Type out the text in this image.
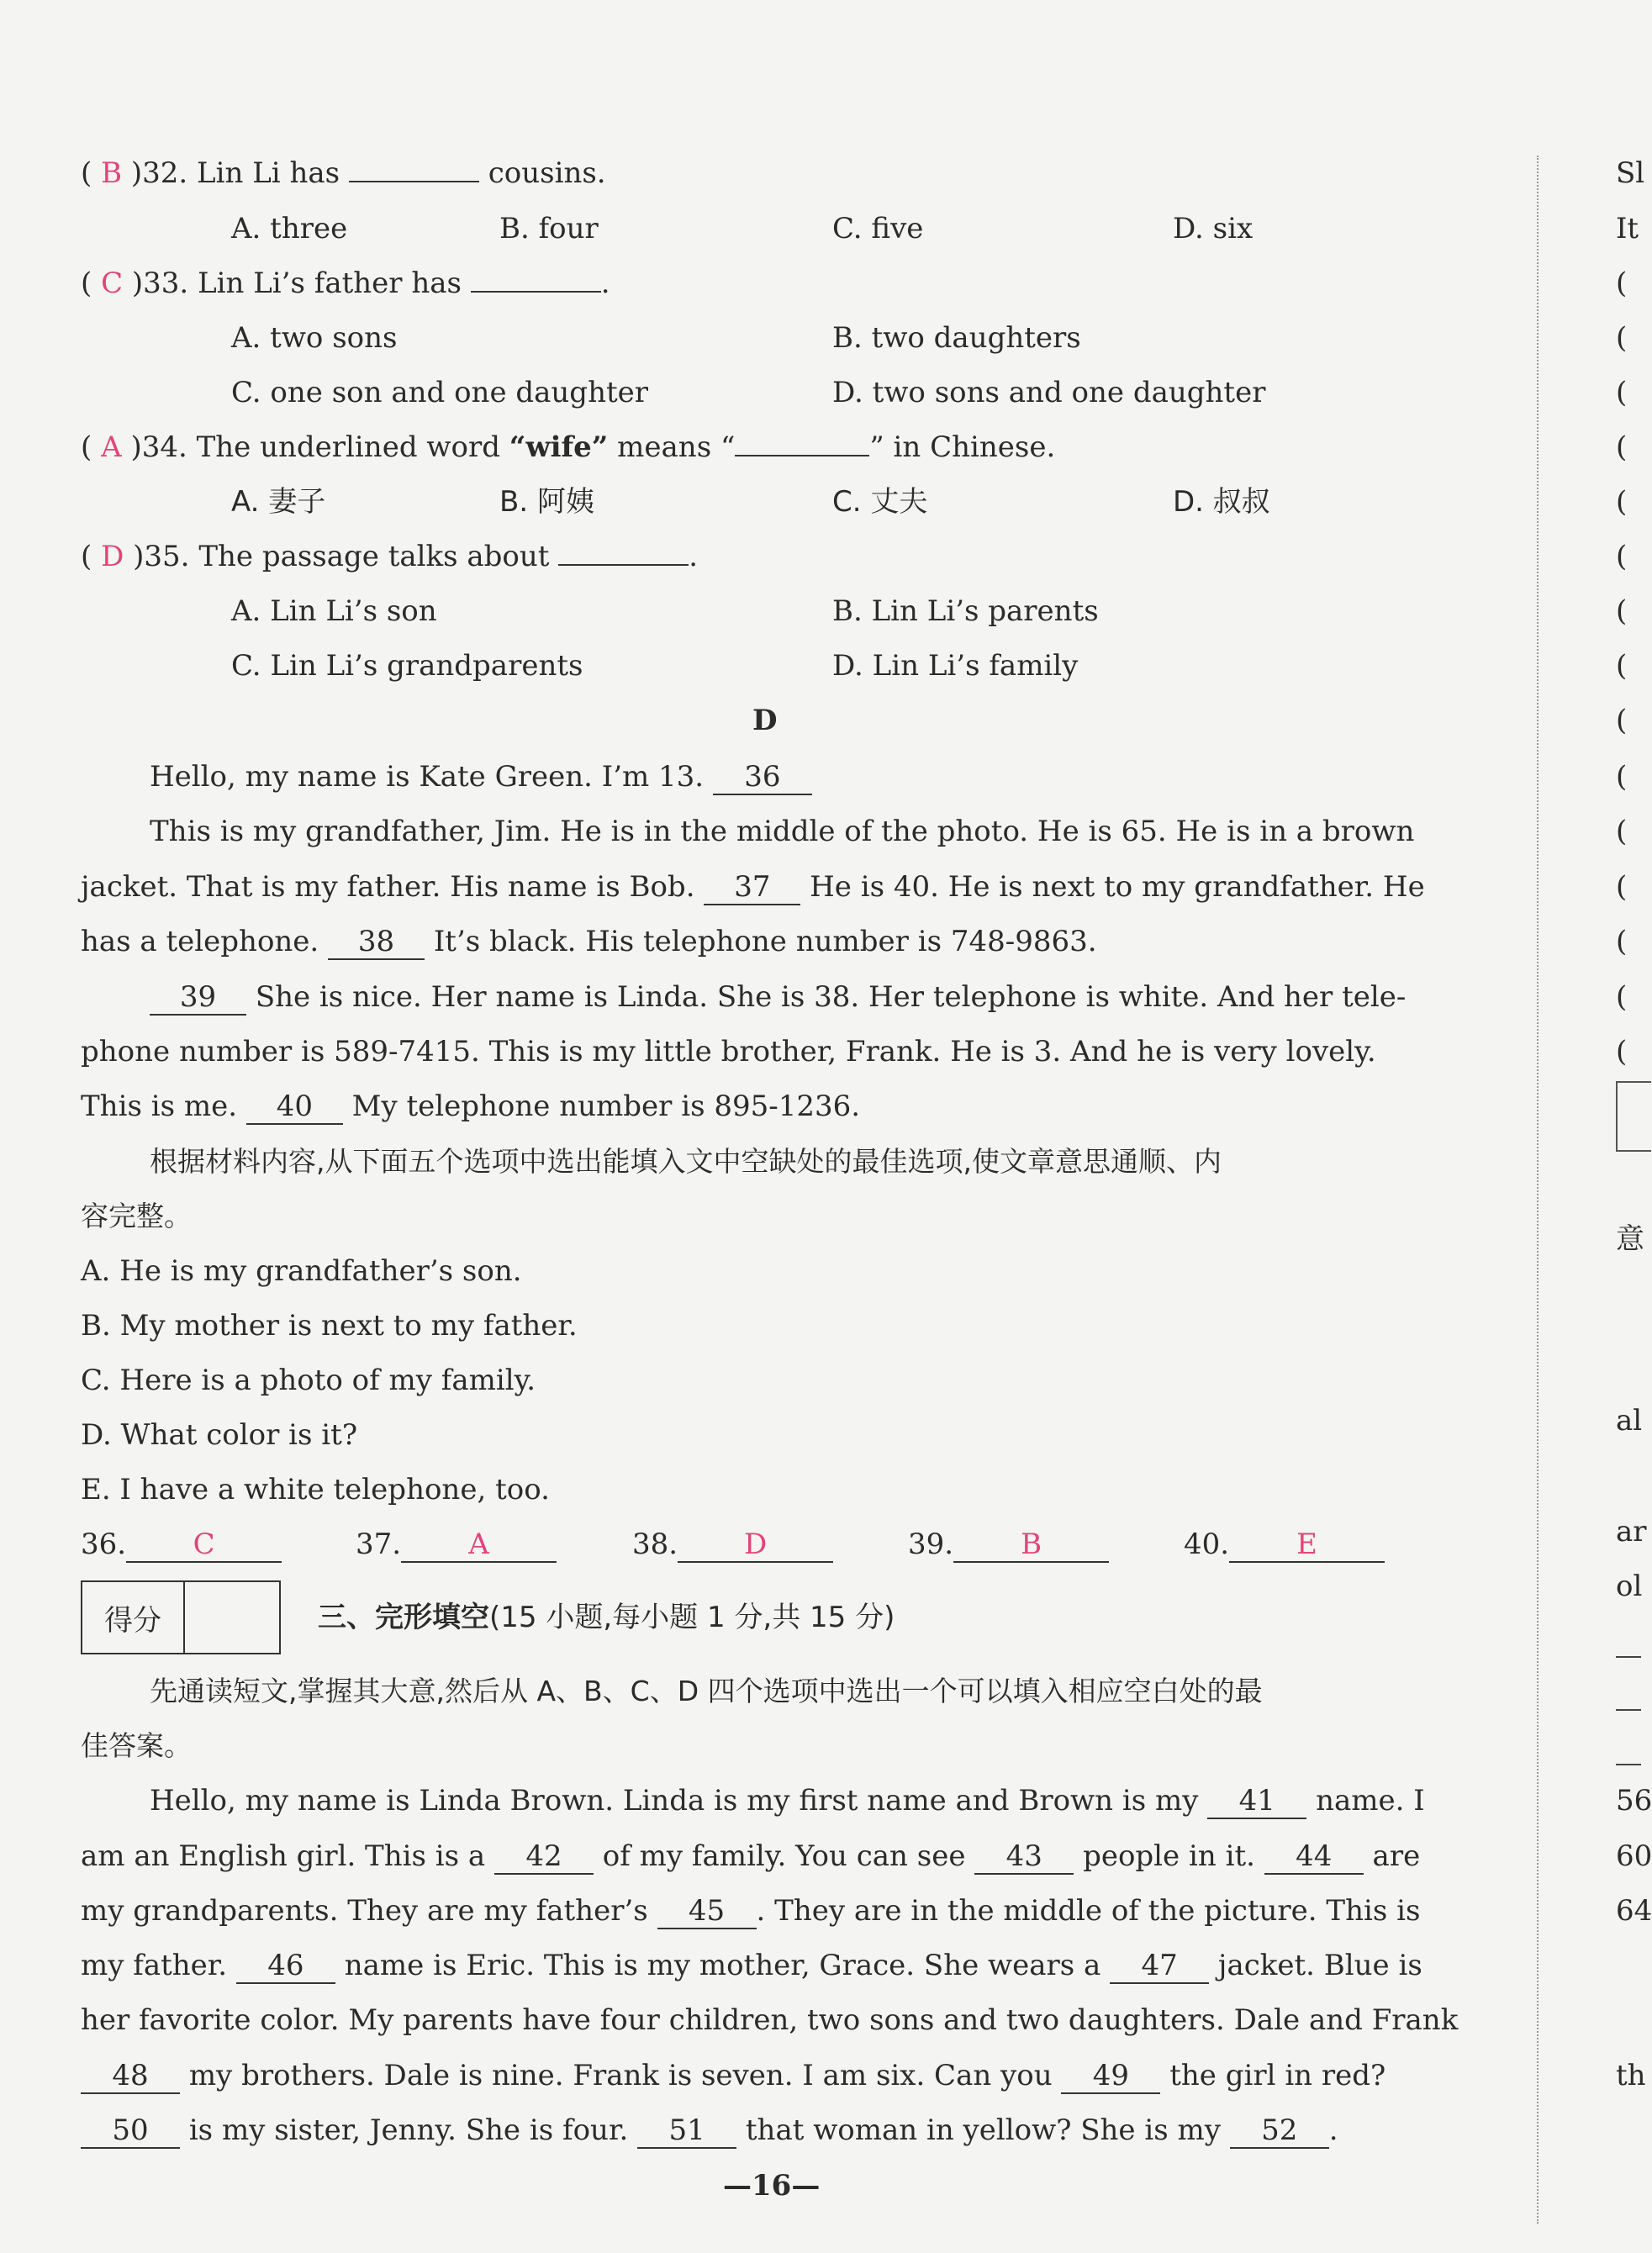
( B )32. Lin Li has	cousins.
A. three	B. four	C. five	D. six
( C )33. Lin Li’s father has	.
A. two sons	B. two daughters
C. one son and one daughter	D. two sons and one daughter
( A )34. The underlined word “wife” means “	” in Chinese.
A. 妻子	B. 阿姨	C. 丈夫	D. 叔叔
( D )35. The passage talks about	.
A. Lin Li’s son	B. Lin Li’s parents
C. Lin Li’s grandparents	D. Lin Li’s family
D
Hello, my name is Kate Green. I’m 13. 36
This is my grandfather, Jim. He is in the middle of the photo. He is 65. He is in a brown
jacket. That is my father. His name is Bob. 37 He is 40. He is next to my grandfather. He
has a telephone. 38 It’s black. His telephone number is 748-9863.
39 She is nice. Her name is Linda. She is 38. Her telephone is white. And her tele-
phone number is 589-7415. This is my little brother, Frank. He is 3. And he is very lovely.
This is me. 40 My telephone number is 895-1236.
根据材料内容,从下面五个选项中选出能填入文中空缺处的最佳选项,使文章意思通顺、内
容完整。
A. He is my grandfather’s son.
B. My mother is next to my father.
C. Here is a photo of my family.
D. What color is it?
E. I have a white telephone, too.
36. C	37. A	38. D	39. B	40. E
得分	三、完形填空(15 小题,每小题 1 分,共 15 分)
先通读短文,掌握其大意,然后从 A、B、C、D 四个选项中选出一个可以填入相应空白处的最
佳答案。
Hello, my name is Linda Brown. Linda is my first name and Brown is my 41 name. I
am an English girl. This is a 42 of my family. You can see 43 people in it. 44 are
my grandparents. They are my father’s 45 . They are in the middle of the picture. This is
my father. 46 name is Eric. This is my mother, Grace. She wears a 47 jacket. Blue is
her favorite color. My parents have four children, two sons and two daughters. Dale and Frank
48 my brothers. Dale is nine. Frank is seven. I am six. Can you 49 the girl in red?
50 is my sister, Jenny. She is four. 51 that woman in yellow? She is my 52 .
—16—
Sl
It
(
(
(
(
(
(
(
(
(
(
(
(
(
(
(
意
al
ar
ol
56
60
64
th
